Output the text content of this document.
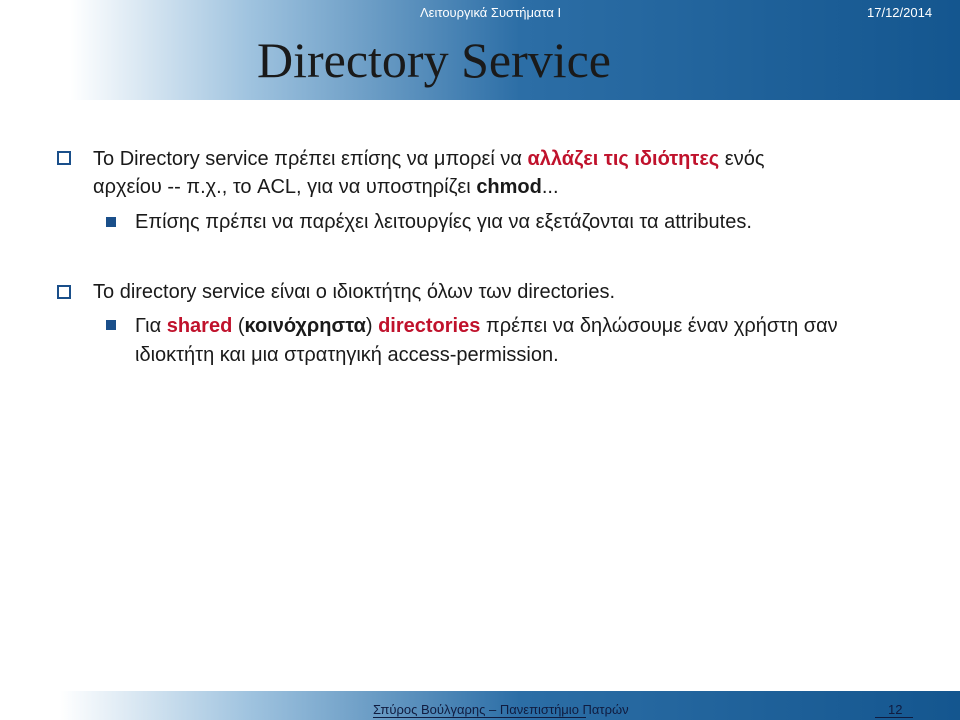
Λειτουργικά Συστήματα Ι	17/12/2014
Directory Service
Το Directory service πρέπει επίσης να μπορεί να αλλάζει τις ιδιότητες ενός
αρχείου -- π.χ., το ACL, για να υποστηρίζει chmod...
Επίσης πρέπει να παρέχει λειτουργίες για να εξετάζονται τα attributes.
Το directory service είναι ο ιδιοκτήτης όλων των directories.
Για shared (κοινόχρηστα) directories πρέπει να δηλώσουμε έναν χρήστη σαν
ιδιοκτήτη και μια στρατηγική access-permission.
Σπύρος Βούλγαρης – Πανεπιστήμιο Πατρών	12
